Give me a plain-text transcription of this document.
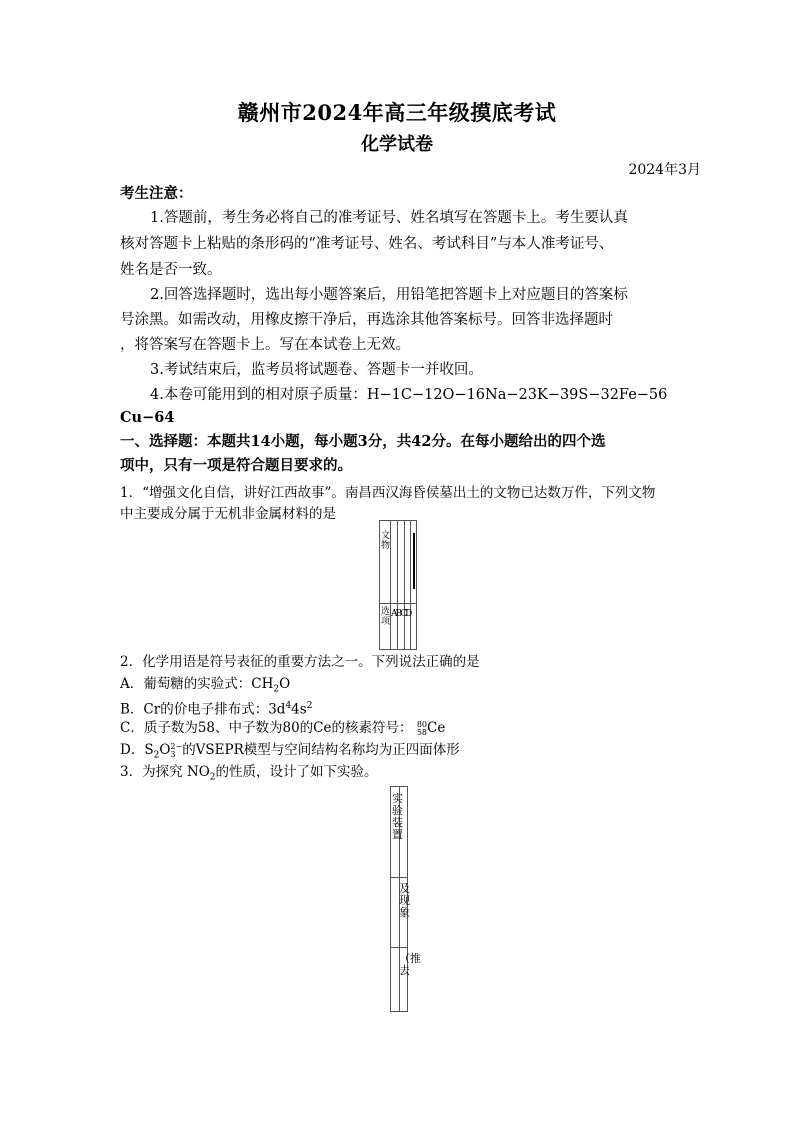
赣州市2024年高三年级摸底考试
化学试卷
2024年3月
考生注意：
1.答题前，考生务必将自己的准考证号、姓名填写在答题卡上。考生要认真
核对答题卡上粘贴的条形码的“准考证号、姓名、考试科目”与本人准考证号、
姓名是否一致。
2.回答选择题时，选出每小题答案后，用铅笔把答题卡上对应题目的答案标
号涂黑。如需改动，用橡皮擦干净后，再选涂其他答案标号。回答非选择题时
，将答案写在答题卡上。写在本试卷上无效。
3.考试结束后，监考员将试题卷、答题卡一并收回。
4.本卷可能用到的相对原子质量：H−1C−12O−16Na−23K−39S−32Fe−56
Cu−64
一、选择题：本题共14小题，每小题3分，共42分。在每小题给出的四个选
项中，只有一项是符合题目要求的。
1．“增强文化自信，讲好江西故事”。南昌西汉海昏侯墓出土的文物已达数万件，下列文物
中主要成分属于无机非金属材料的是
文物
选项
ABCD
2．化学用语是符号表征的重要方法之一。下列说法正确的是
A．葡萄糖的实验式：$CH_2O$
B．Cr的价电子排布式：$3d^44s^2$
C．质子数为58、中子数为80的Ce的核素符号： 80
58 Ce
D．$S_2O$ 2−
3 的VSEPR模型与空间结构名称均为正四面体形
3．为探究 $NO_2$的性质，设计了如下实验。
实验装置
及现象
（推去
